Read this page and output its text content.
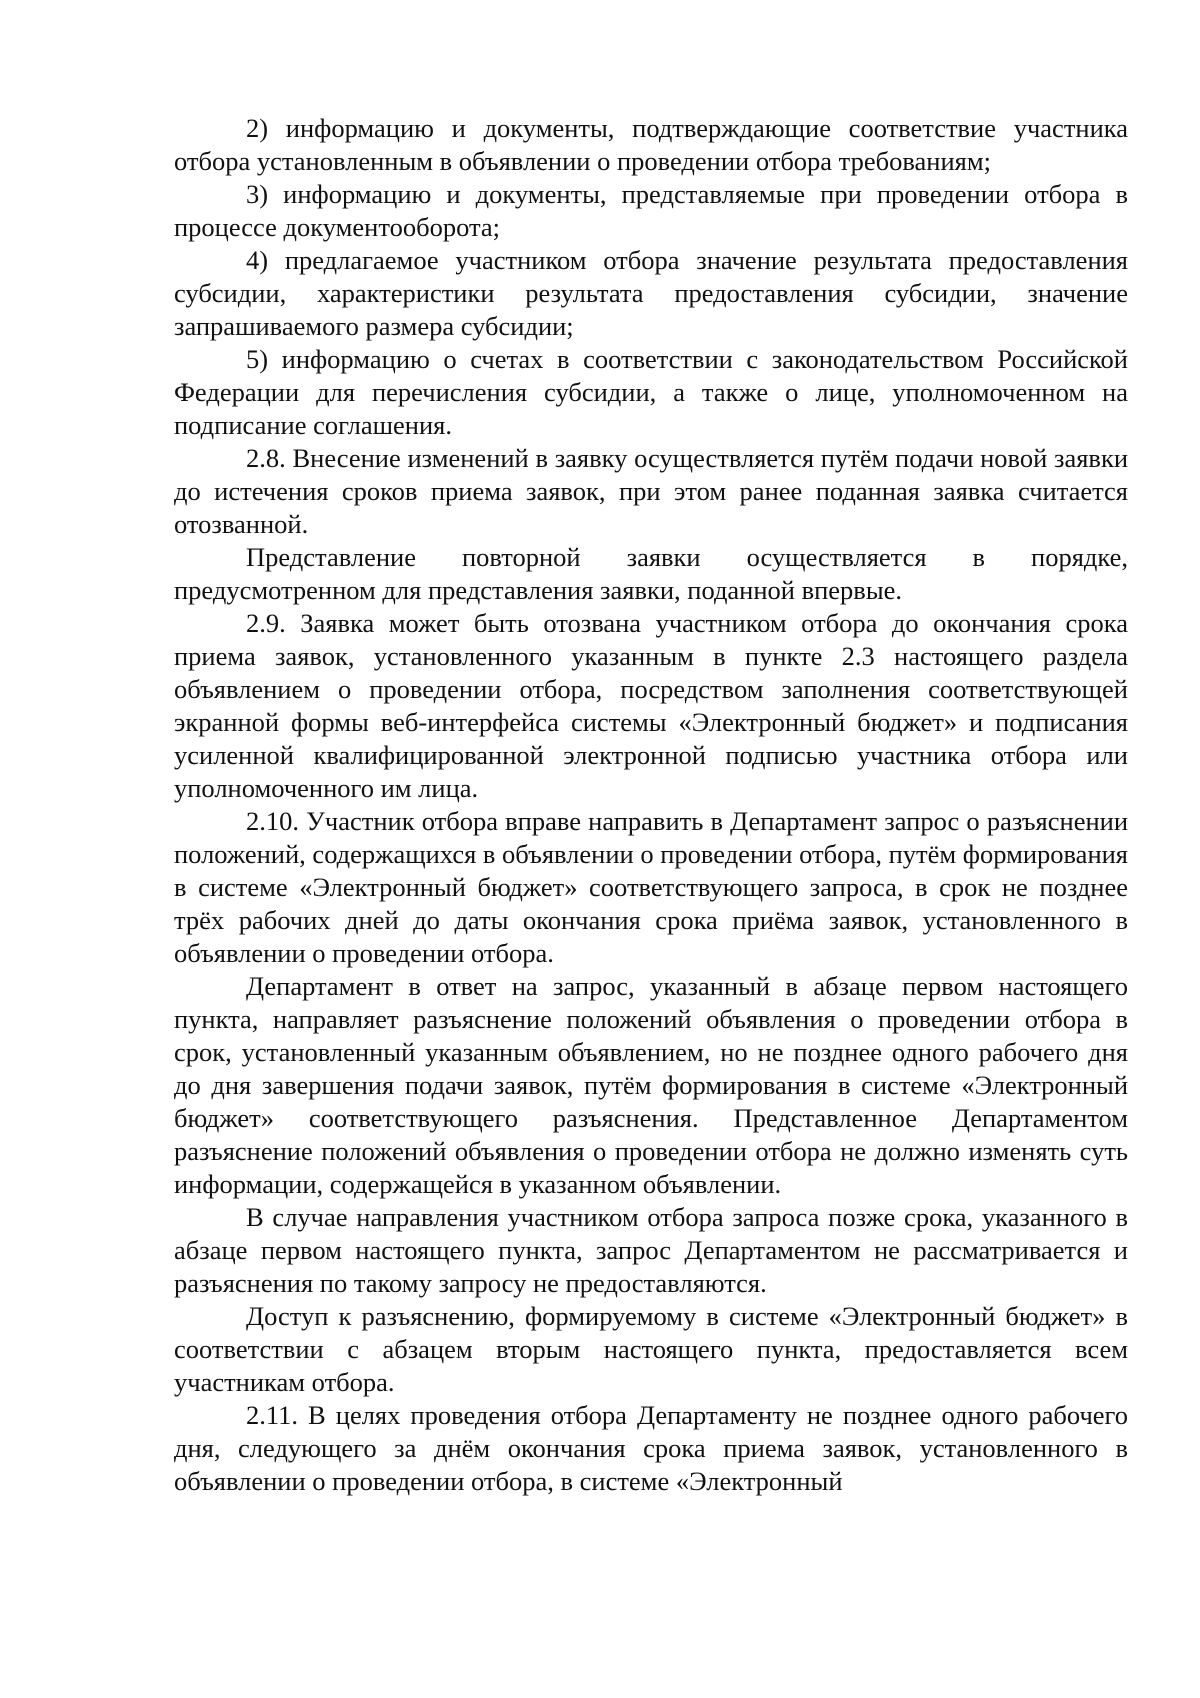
2) информацию и документы, подтверждающие соответствие участника отбора установленным в объявлении о проведении отбора требованиям;

3) информацию и документы, представляемые при проведении отбора в процессе документооборота;

4) предлагаемое участником отбора значение результата предоставления субсидии, характеристики результата предоставления субсидии, значение запрашиваемого размера субсидии;

5) информацию о счетах в соответствии с законодательством Российской Федерации для перечисления субсидии, а также о лице, уполномоченном на подписание соглашения.

2.8. Внесение изменений в заявку осуществляется путём подачи новой заявки до истечения сроков приема заявок, при этом ранее поданная заявка считается отозванной.

Представление повторной заявки осуществляется в порядке, предусмотренном для представления заявки, поданной впервые.

2.9. Заявка может быть отозвана участником отбора до окончания срока приема заявок, установленного указанным в пункте 2.3 настоящего раздела объявлением о проведении отбора, посредством заполнения соответствующей экранной формы веб-интерфейса системы «Электронный бюджет» и подписания усиленной квалифицированной электронной подписью участника отбора или уполномоченного им лица.

2.10. Участник отбора вправе направить в Департамент запрос о разъяснении положений, содержащихся в объявлении о проведении отбора, путём формирования в системе «Электронный бюджет» соответствующего запроса, в срок не позднее трёх рабочих дней до даты окончания срока приёма заявок, установленного в объявлении о проведении отбора.

Департамент в ответ на запрос, указанный в абзаце первом настоящего пункта, направляет разъяснение положений объявления о проведении отбора в срок, установленный указанным объявлением, но не позднее одного рабочего дня до дня завершения подачи заявок, путём формирования в системе «Электронный бюджет» соответствующего разъяснения. Представленное Департаментом разъяснение положений объявления о проведении отбора не должно изменять суть информации, содержащейся в указанном объявлении.

В случае направления участником отбора запроса позже срока, указанного в абзаце первом настоящего пункта, запрос Департаментом не рассматривается и разъяснения по такому запросу не предоставляются.

Доступ к разъяснению, формируемому в системе «Электронный бюджет» в соответствии с абзацем вторым настоящего пункта, предоставляется всем участникам отбора.

2.11. В целях проведения отбора Департаменту не позднее одного рабочего дня, следующего за днём окончания срока приема заявок, установленного в объявлении о проведении отбора, в системе «Электронный
